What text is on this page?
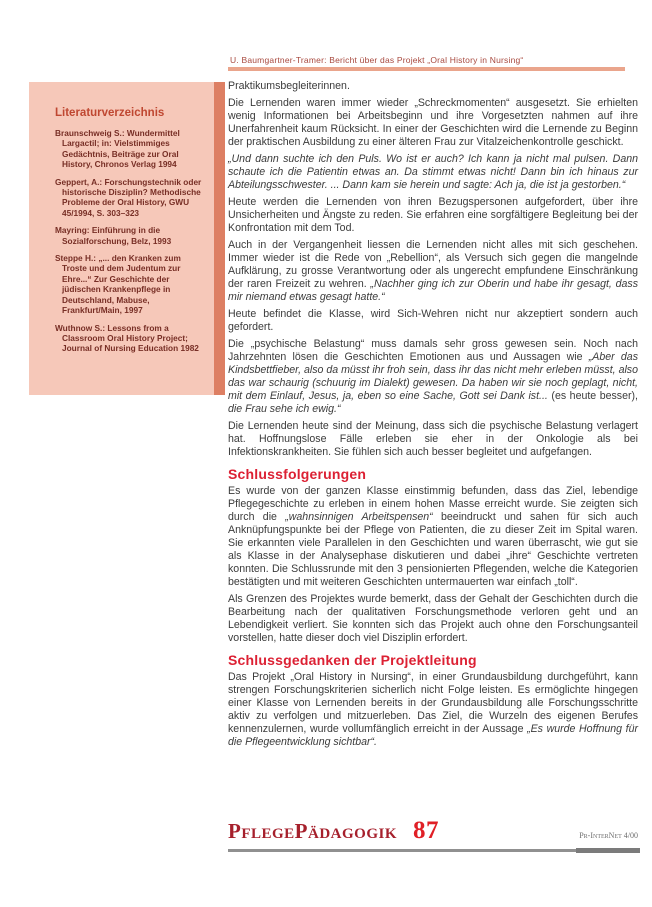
U. Baumgartner-Tramer: Bericht über das Projekt „Oral History in Nursing“
Literaturverzeichnis
Braunschweig S.: Wundermittel Largactil; in: Vielstimmiges Gedächtnis, Beiträge zur Oral History, Chronos Verlag 1994
Geppert, A.: Forschungstechnik oder historische Disziplin? Methodische Probleme der Oral History, GWU 45/1994, S. 303–323
Mayring: Einführung in die Sozialforschung, Belz, 1993
Steppe H.: „... den Kranken zum Troste und dem Judentum zur Ehre...“ Zur Geschichte der jüdischen Krankenpflege in Deutschland, Mabuse, Frankfurt/Main, 1997
Wuthnow S.: Lessons from a Classroom Oral History Project; Journal of Nursing Education 1982

Praktikumsbegleiterinnen.

Die Lernenden waren immer wieder „Schreckmomenten“ ausgesetzt. Sie erhielten wenig Informationen bei Arbeitsbeginn und ihre Vorgesetzten nahmen auf ihre Unerfahrenheit kaum Rücksicht. In einer der Geschichten wird die Lernende zu Beginn der praktischen Ausbildung zu einer älteren Frau zur Vitalzeichenkontrolle geschickt.

„Und dann suchte ich den Puls. Wo ist er auch? Ich kann ja nicht mal pulsen. Dann schaute ich die Patientin etwas an. Da stimmt etwas nicht! Dann bin ich hinaus zur Abteilungsschwester. ... Dann kam sie herein und sagte: Ach ja, die ist ja gestorben.“

Heute werden die Lernenden von ihren Bezugspersonen aufgefordert, über ihre Unsicherheiten und Ängste zu reden. Sie erfahren eine sorgfältigere Begleitung bei der Konfrontation mit dem Tod.

Auch in der Vergangenheit liessen die Lernenden nicht alles mit sich geschehen. Immer wieder ist die Rede von „Rebellion“, als Versuch sich gegen die mangelnde Aufklärung, zu grosse Verantwortung oder als ungerecht empfundene Einschränkung der raren Freizeit zu wehren. „Nachher ging ich zur Oberin und habe ihr gesagt, dass mir niemand etwas gesagt hatte.“

Heute befindet die Klasse, wird Sich-Wehren nicht nur akzeptiert sondern auch gefordert.

Die „psychische Belastung“ muss damals sehr gross gewesen sein. Noch nach Jahrzehnten lösen die Geschichten Emotionen aus und Aussagen wie „Aber das Kindsbettfieber, also da müsst ihr froh sein, dass ihr das nicht mehr erleben müsst, also das war schaurig (schuurig im Dialekt) gewesen. Da haben wir sie noch geplagt, nicht, mit dem Einlauf, Jesus, ja, eben so eine Sache, Gott sei Dank ist... (es heute besser), die Frau sehe ich ewig.“

Die Lernenden heute sind der Meinung, dass sich die psychische Belastung verlagert hat. Hoffnungslose Fälle erleben sie eher in der Onkologie als bei Infektionskrankheiten. Sie fühlen sich auch besser begleitet und aufgefangen.

Schlussfolgerungen

Es wurde von der ganzen Klasse einstimmig befunden, dass das Ziel, lebendige Pflegegeschichte zu erleben in einem hohen Masse erreicht wurde. Sie zeigten sich durch die „wahnsinnigen Arbeitspensen“ beeindruckt und sahen für sich auch Anknüpfungspunkte bei der Pflege von Patienten, die zu dieser Zeit im Spital waren. Sie erkannten viele Parallelen in den Geschichten und waren überrascht, wie gut sie als Klasse in der Analysephase diskutieren und dabei „ihre“ Geschichte vertreten konnten. Die Schlussrunde mit den 3 pensionierten Pflegenden, welche die Kategorien bestätigten und mit weiteren Geschichten untermauerten war einfach „toll“.

Als Grenzen des Projektes wurde bemerkt, dass der Gehalt der Geschichten durch die Bearbeitung nach der qualitativen Forschungsmethode verloren geht und an Lebendigkeit verliert. Sie konnten sich das Projekt auch ohne den Forschungsanteil vorstellen, hatte dieser doch viel Disziplin erfordert.

Schlussgedanken der Projektleitung

Das Projekt „Oral History in Nursing“, in einer Grundausbildung durchgeführt, kann strengen Forschungskriterien sicherlich nicht Folge leisten. Es ermöglichte hingegen einer Klasse von Lernenden bereits in der Grundausbildung alle Forschungsschritte aktiv zu verfolgen und mitzuerleben. Das Ziel, die Wurzeln des eigenen Berufes kennenzulernen, wurde vollumfänglich erreicht in der Aussage „Es wurde Hoffnung für die Pflegeentwicklung sichtbar“.

PflegePädagogik 87	Pr-InterNet 4/00
